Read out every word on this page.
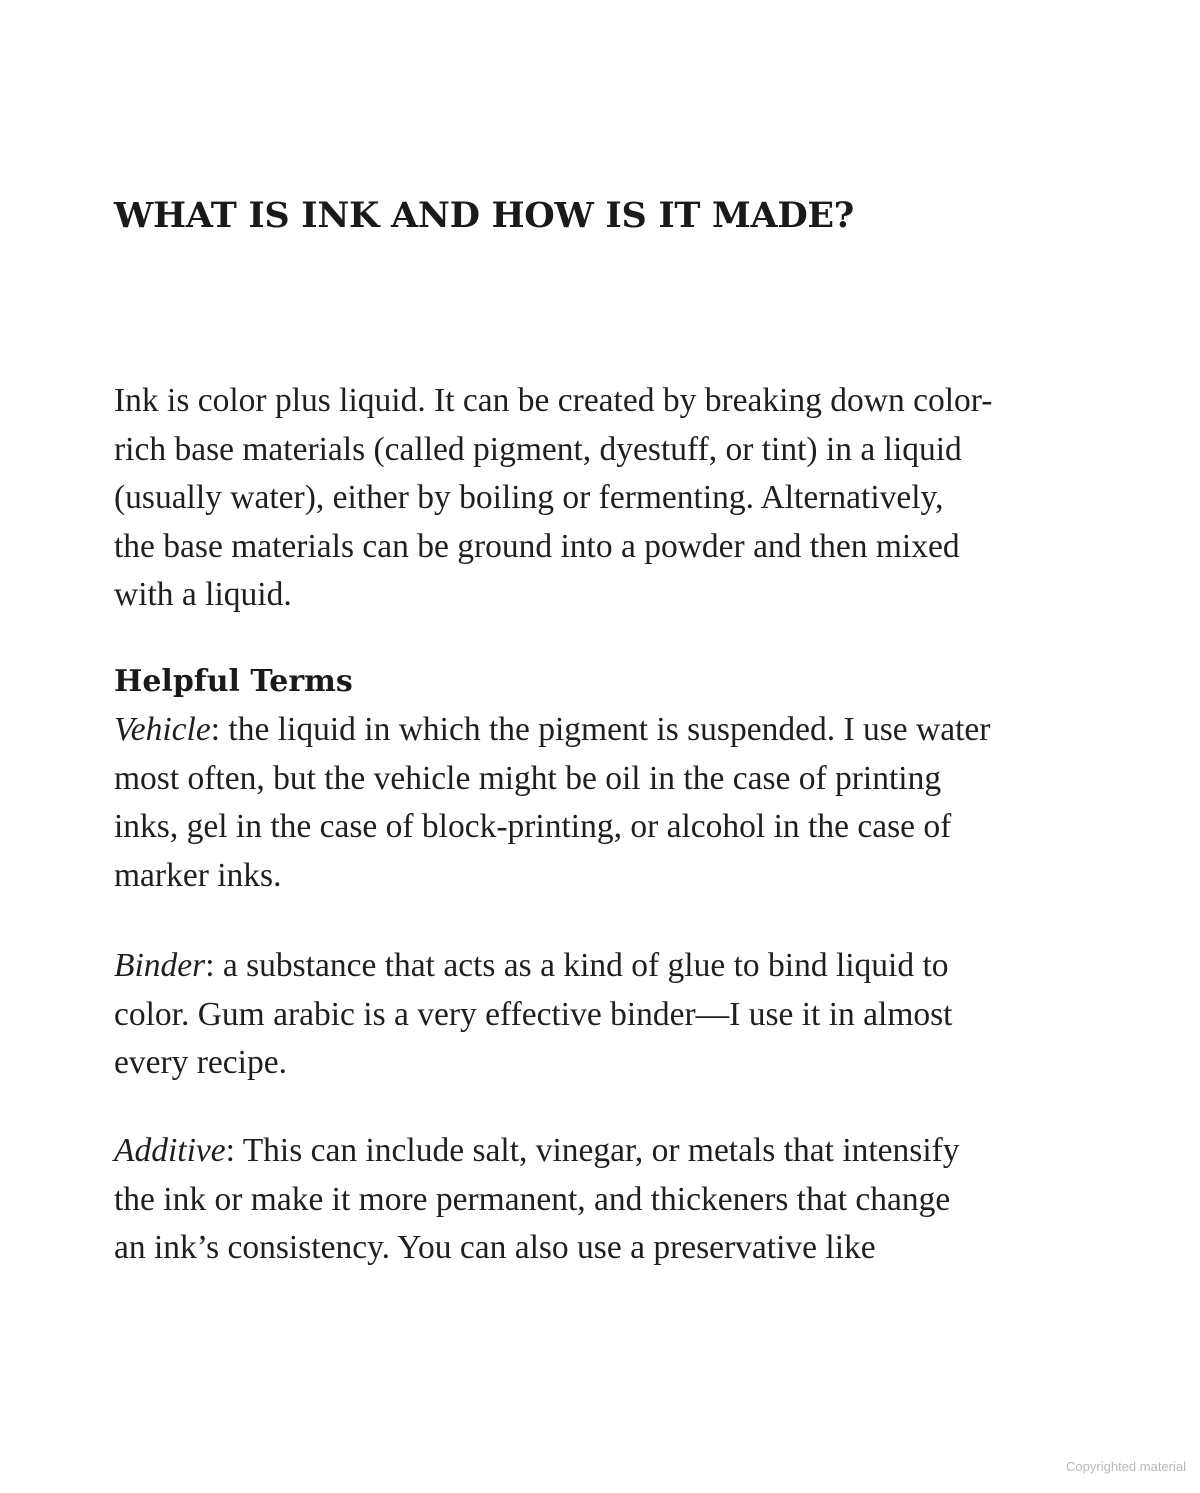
WHAT IS INK AND HOW IS IT MADE?

Ink is color plus liquid. It can be created by breaking down color-
rich base materials (called pigment, dyestuff, or tint) in a liquid
(usually water), either by boiling or fermenting. Alternatively,
the base materials can be ground into a powder and then mixed
with a liquid.

Helpful Terms

Vehicle: the liquid in which the pigment is suspended. I use water
most often, but the vehicle might be oil in the case of printing
inks, gel in the case of block-printing, or alcohol in the case of
marker inks.

Binder: a substance that acts as a kind of glue to bind liquid to
color. Gum arabic is a very effective binder—I use it in almost
every recipe.

Additive: This can include salt, vinegar, or metals that intensify
the ink or make it more permanent, and thickeners that change
an ink’s consistency. You can also use a preservative like

Copyrighted material
